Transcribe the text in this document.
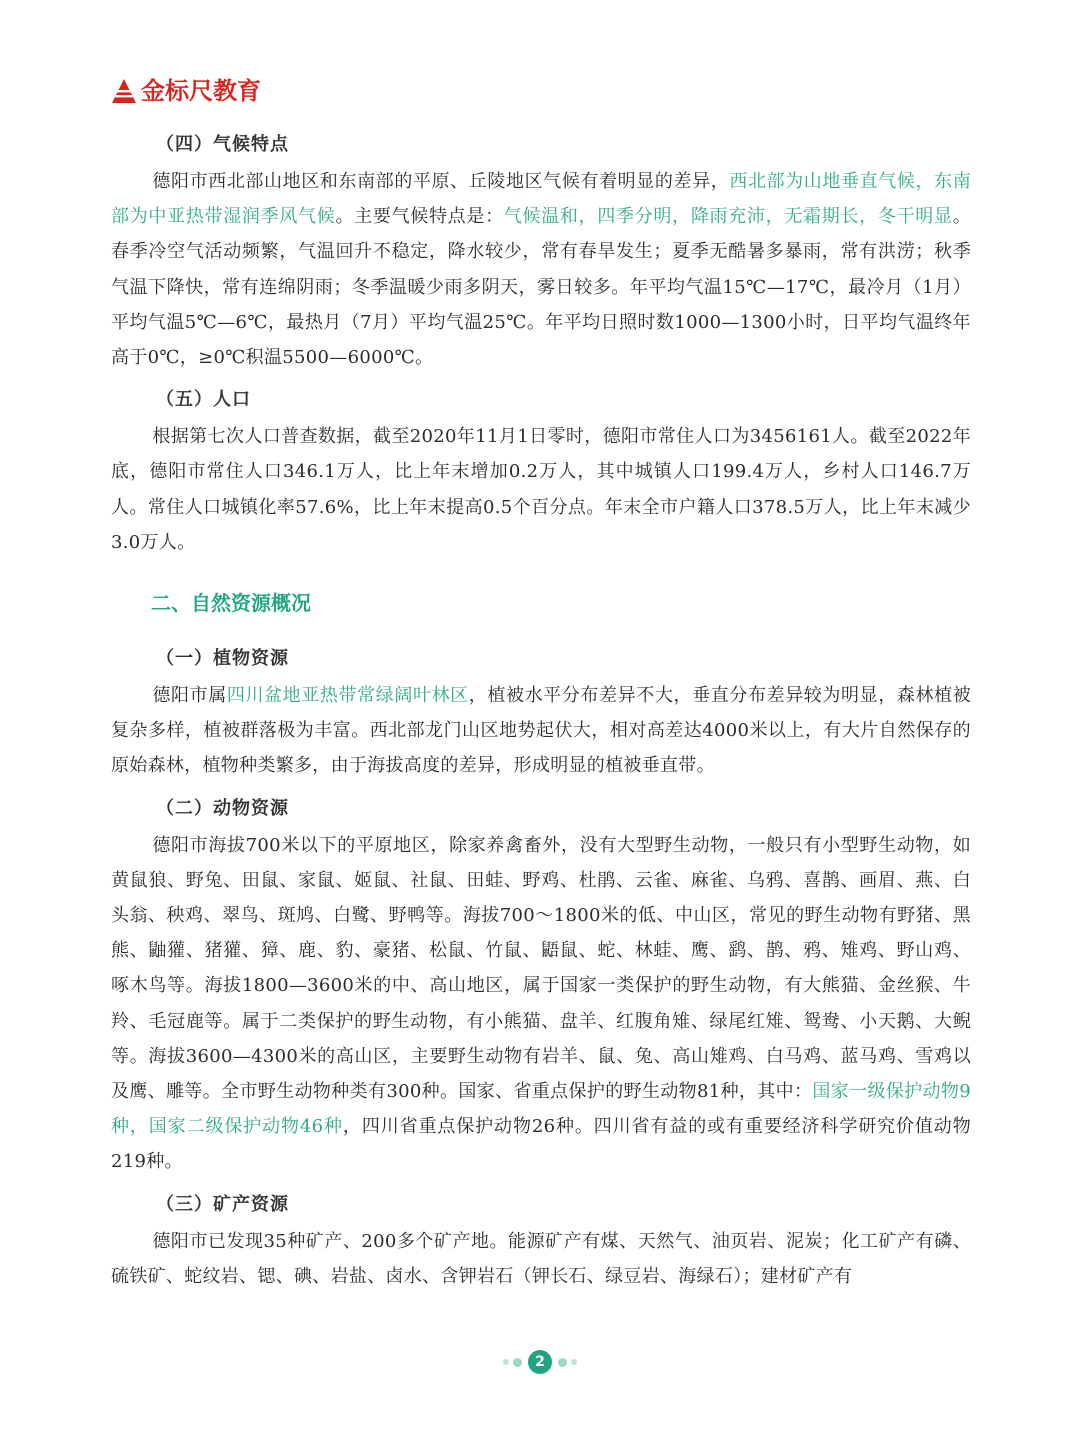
金标尺教育
（四）气候特点

德阳市西北部山地区和东南部的平原、丘陵地区气候有着明显的差异，西北部为山地垂直气候，东南部为中亚热带湿润季风气候。主要气候特点是：气候温和，四季分明，降雨充沛，无霜期长，冬干明显。春季冷空气活动频繁，气温回升不稳定，降水较少，常有春旱发生；夏季无酷暑多暴雨，常有洪涝；秋季气温下降快，常有连绵阴雨；冬季温暖少雨多阴天，雾日较多。年平均气温15℃—17℃，最冷月（1月）平均气温5℃—6℃，最热月（7月）平均气温25℃。年平均日照时数1000—1300小时，日平均气温终年高于0℃，≥0℃积温5500—6000℃。

（五）人口

根据第七次人口普查数据，截至2020年11月1日零时，德阳市常住人口为3456161人。截至2022年底，德阳市常住人口346.1万人，比上年末增加0.2万人，其中城镇人口199.4万人，乡村人口146.7万人。常住人口城镇化率57.6%，比上年末提高0.5个百分点。年末全市户籍人口378.5万人，比上年末减少3.0万人。

二、自然资源概况
（一）植物资源

德阳市属四川盆地亚热带常绿阔叶林区，植被水平分布差异不大，垂直分布差异较为明显，森林植被复杂多样，植被群落极为丰富。西北部龙门山区地势起伏大，相对高差达4000米以上，有大片自然保存的原始森林，植物种类繁多，由于海拔高度的差异，形成明显的植被垂直带。

（二）动物资源

德阳市海拔700米以下的平原地区，除家养禽畜外，没有大型野生动物，一般只有小型野生动物，如黄鼠狼、野兔、田鼠、家鼠、姬鼠、社鼠、田蛙、野鸡、杜鹃、云雀、麻雀、乌鸦、喜鹊、画眉、燕、白头翁、秧鸡、翠鸟、斑鸠、白鹭、野鸭等。海拔700～1800米的低、中山区，常见的野生动物有野猪、黑熊、鼬獾、猪獾、獐、鹿、豹、豪猪、松鼠、竹鼠、鼯鼠、蛇、林蛙、鹰、鹞、鹊、鸦、雉鸡、野山鸡、啄木鸟等。海拔1800—3600米的中、高山地区，属于国家一类保护的野生动物，有大熊猫、金丝猴、牛羚、毛冠鹿等。属于二类保护的野生动物，有小熊猫、盘羊、红腹角雉、绿尾红雉、鸳鸯、小天鹅、大鲵等。海拔3600—4300米的高山区，主要野生动物有岩羊、鼠、兔、高山雉鸡、白马鸡、蓝马鸡、雪鸡以及鹰、雕等。全市野生动物种类有300种。国家、省重点保护的野生动物81种，其中：国家一级保护动物9种，国家二级保护动物46种，四川省重点保护动物26种。四川省有益的或有重要经济科学研究价值动物219种。

（三）矿产资源

德阳市已发现35种矿产、200多个矿产地。能源矿产有煤、天然气、油页岩、泥炭；化工矿产有磷、硫铁矿、蛇纹岩、锶、碘、岩盐、卤水、含钾岩石（钾长石、绿豆岩、海绿石）；建材矿产有

2
